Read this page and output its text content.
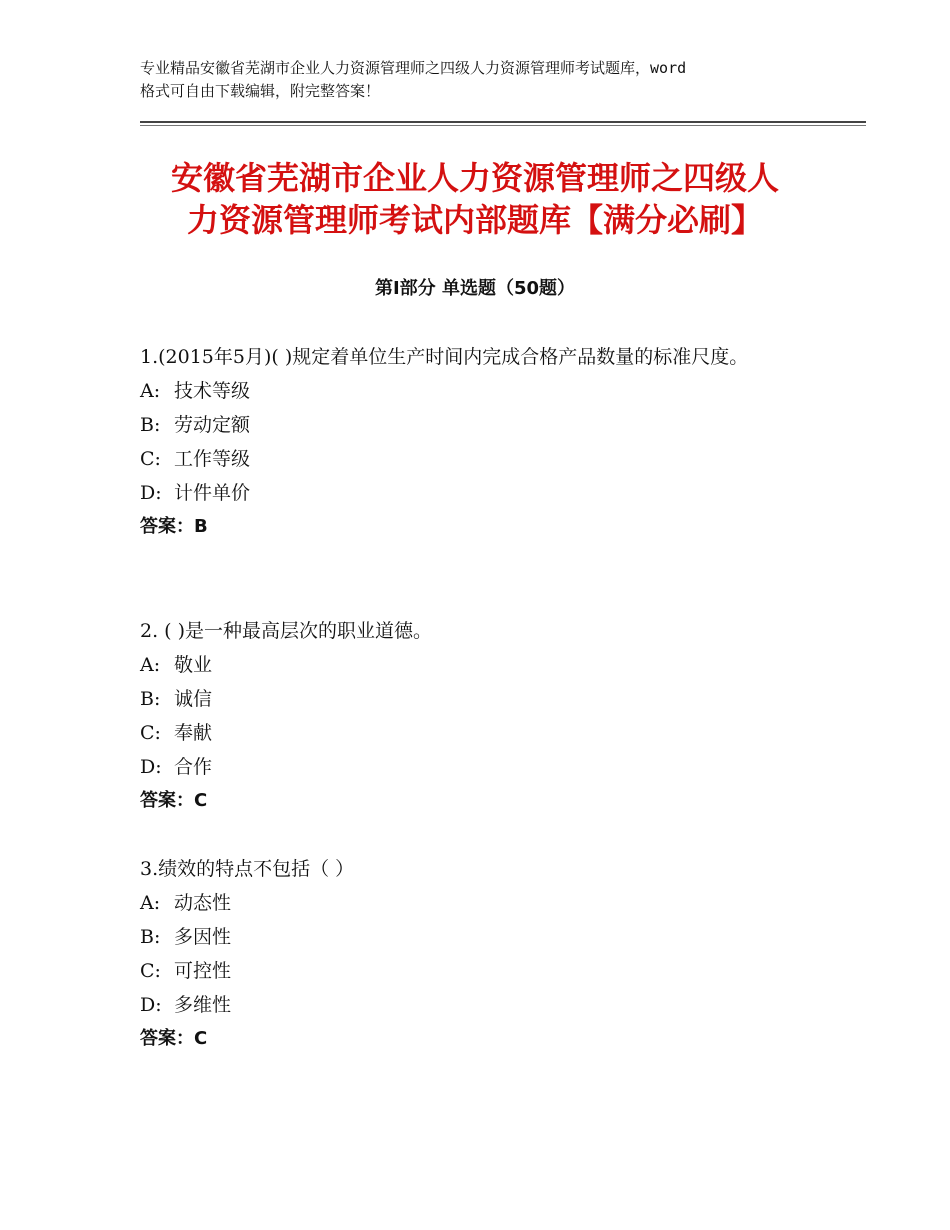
专业精品安徽省芜湖市企业人力资源管理师之四级人力资源管理师考试题库，word
格式可自由下载编辑，附完整答案！
安徽省芜湖市企业人力资源管理师之四级人
力资源管理师考试内部题库【满分必刷】
第Ⅰ部分 单选题（50题）
1.(2015年5月)( )规定着单位生产时间内完成合格产品数量的标准尺度。
A: 技术等级
B: 劳动定额
C: 工作等级
D: 计件单价
答案：B
2. ( )是一种最高层次的职业道德。
A: 敬业
B: 诚信
C: 奉献
D: 合作
答案：C
3.绩效的特点不包括（ ）
A: 动态性
B: 多因性
C: 可控性
D: 多维性
答案：C
